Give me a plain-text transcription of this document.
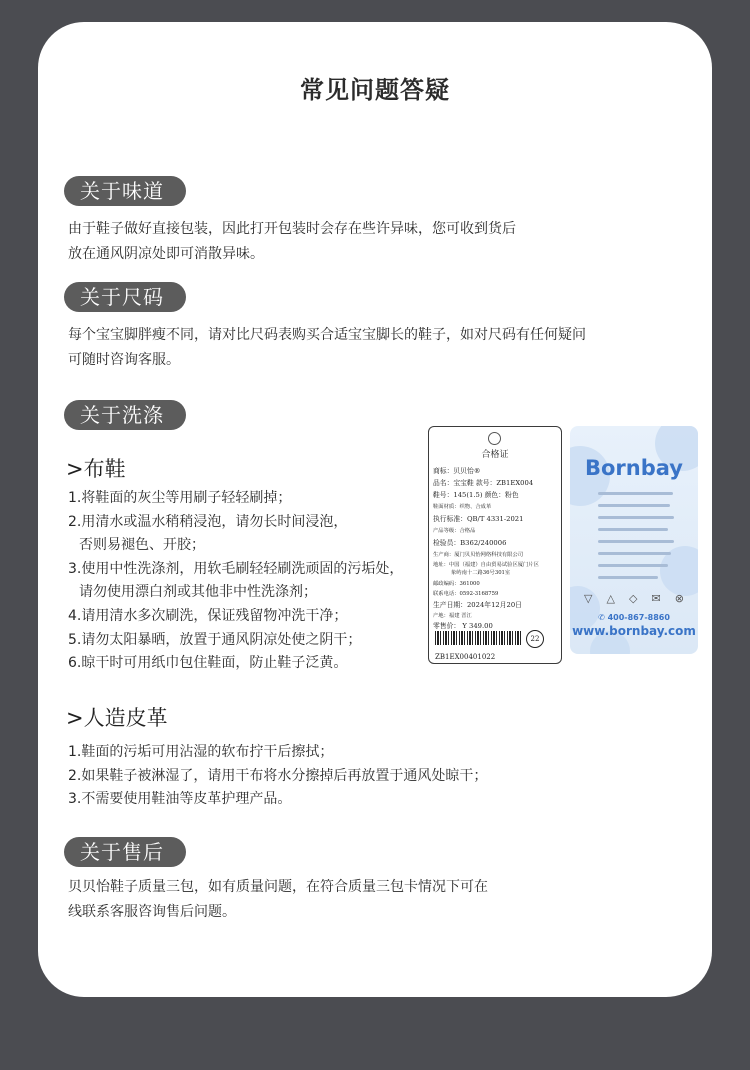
常见问题答疑
关于味道
由于鞋子做好直接包装，因此打开包装时会存在些许异味，您可收到货后
放在通风阴凉处即可消散异味。
关于尺码
每个宝宝脚胖瘦不同，请对比尺码表购买合适宝宝脚长的鞋子，如对尺码有任何疑问
可随时咨询客服。
关于洗涤
>布鞋
1.将鞋面的灰尘等用刷子轻轻刷掉；
2.用清水或温水稍稍浸泡，请勿长时间浸泡，
否则易褪色、开胶；
3.使用中性洗涤剂，用软毛刷轻轻刷洗顽固的污垢处，
请勿使用漂白剂或其他非中性洗涤剂；
4.请用清水多次刷洗，保证残留物冲洗干净；
5.请勿太阳暴晒，放置于通风阴凉处使之阴干；
6.晾干时可用纸巾包住鞋面，防止鞋子泛黄。
>人造皮革
1.鞋面的污垢可用沾湿的软布拧干后擦拭；
2.如果鞋子被淋湿了，请用干布将水分擦掉后再放置于通风处晾干；
3.不需要使用鞋油等皮革护理产品。
关于售后
贝贝怡鞋子质量三包，如有质量问题，在符合质量三包卡情况下可在
线联系客服咨询售后问题。
合格证
商标：贝贝怡®
品名：宝宝鞋 款号：ZB1EX004
鞋号：145(1.5) 颜色：粉色
鞋面材质：织物、合成革
执行标准：QB/T 4331-2021
产品等级：合格品
检验员：B362/240006
生产商：厦门贝贝怡网络科技有限公司
地址：中国（福建）自由贸易试验区厦门片区
象屿南十二路36号301室
邮政编码：361000
联系电话：0592-3168759
生产日期：2024年12月20日
产地：福建 晋江
零售价： Y 349.00
22
ZB1EX00401022
Bornbay
▽ △ ◇ ✉ ⊗
✆ 400-867-8860
www.bornbay.com
